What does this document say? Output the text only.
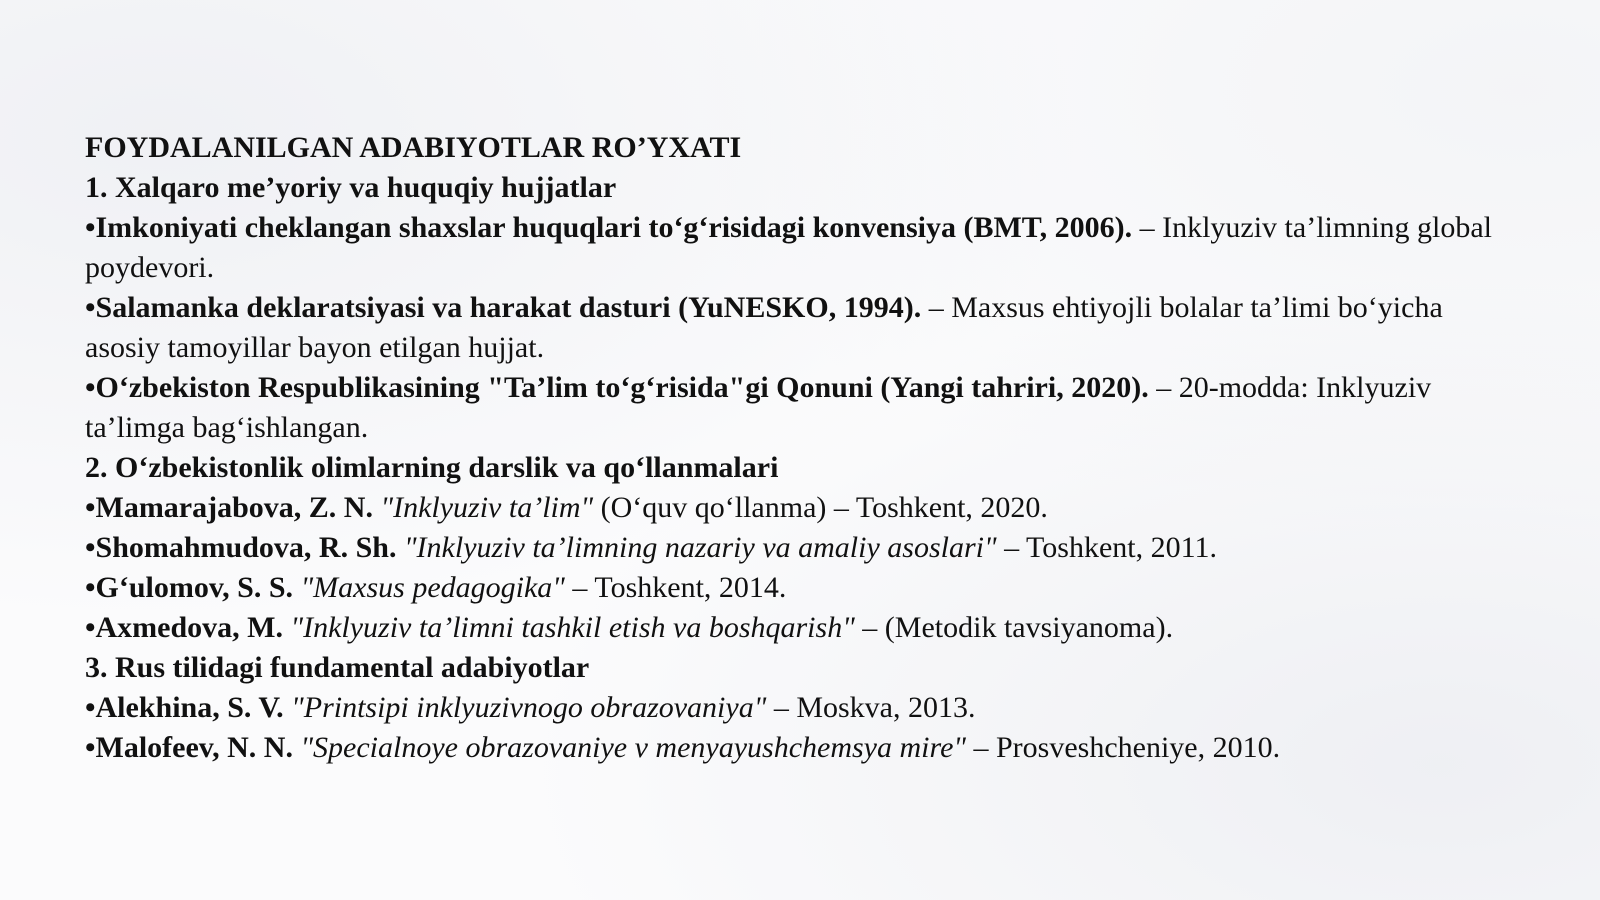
FOYDALANILGAN ADABIYOTLAR RO’YXATI

1. Xalqaro me’yoriy va huquqiy hujjatlar

•Imkoniyati cheklangan shaxslar huquqlari to‘g‘risidagi konvensiya (BMT, 2006). – Inklyuziv ta’limning global poydevori.

•Salamanka deklaratsiyasi va harakat dasturi (YuNESKO, 1994). – Maxsus ehtiyojli bolalar ta’limi bo‘yicha asosiy tamoyillar bayon etilgan hujjat.

•O‘zbekiston Respublikasining "Ta’lim to‘g‘risida"gi Qonuni (Yangi tahriri, 2020). – 20-modda: Inklyuziv ta’limga bag‘ishlangan.

2. O‘zbekistonlik olimlarning darslik va qo‘llanmalari

•Mamarajabova, Z. N. "Inklyuziv ta’lim" (O‘quv qo‘llanma) – Toshkent, 2020.

•Shomahmudova, R. Sh. "Inklyuziv ta’limning nazariy va amaliy asoslari" – Toshkent, 2011.

•G‘ulomov, S. S. "Maxsus pedagogika" – Toshkent, 2014.

•Axmedova, M. "Inklyuziv ta’limni tashkil etish va boshqarish" – (Metodik tavsiyanoma).

3. Rus tilidagi fundamental adabiyotlar

•Alekhina, S. V. "Printsipi inklyuzivnogo obrazovaniya" – Moskva, 2013.

•Malofeev, N. N. "Specialnoye obrazovaniye v menyayushchemsya mire" – Prosveshcheniye, 2010.
